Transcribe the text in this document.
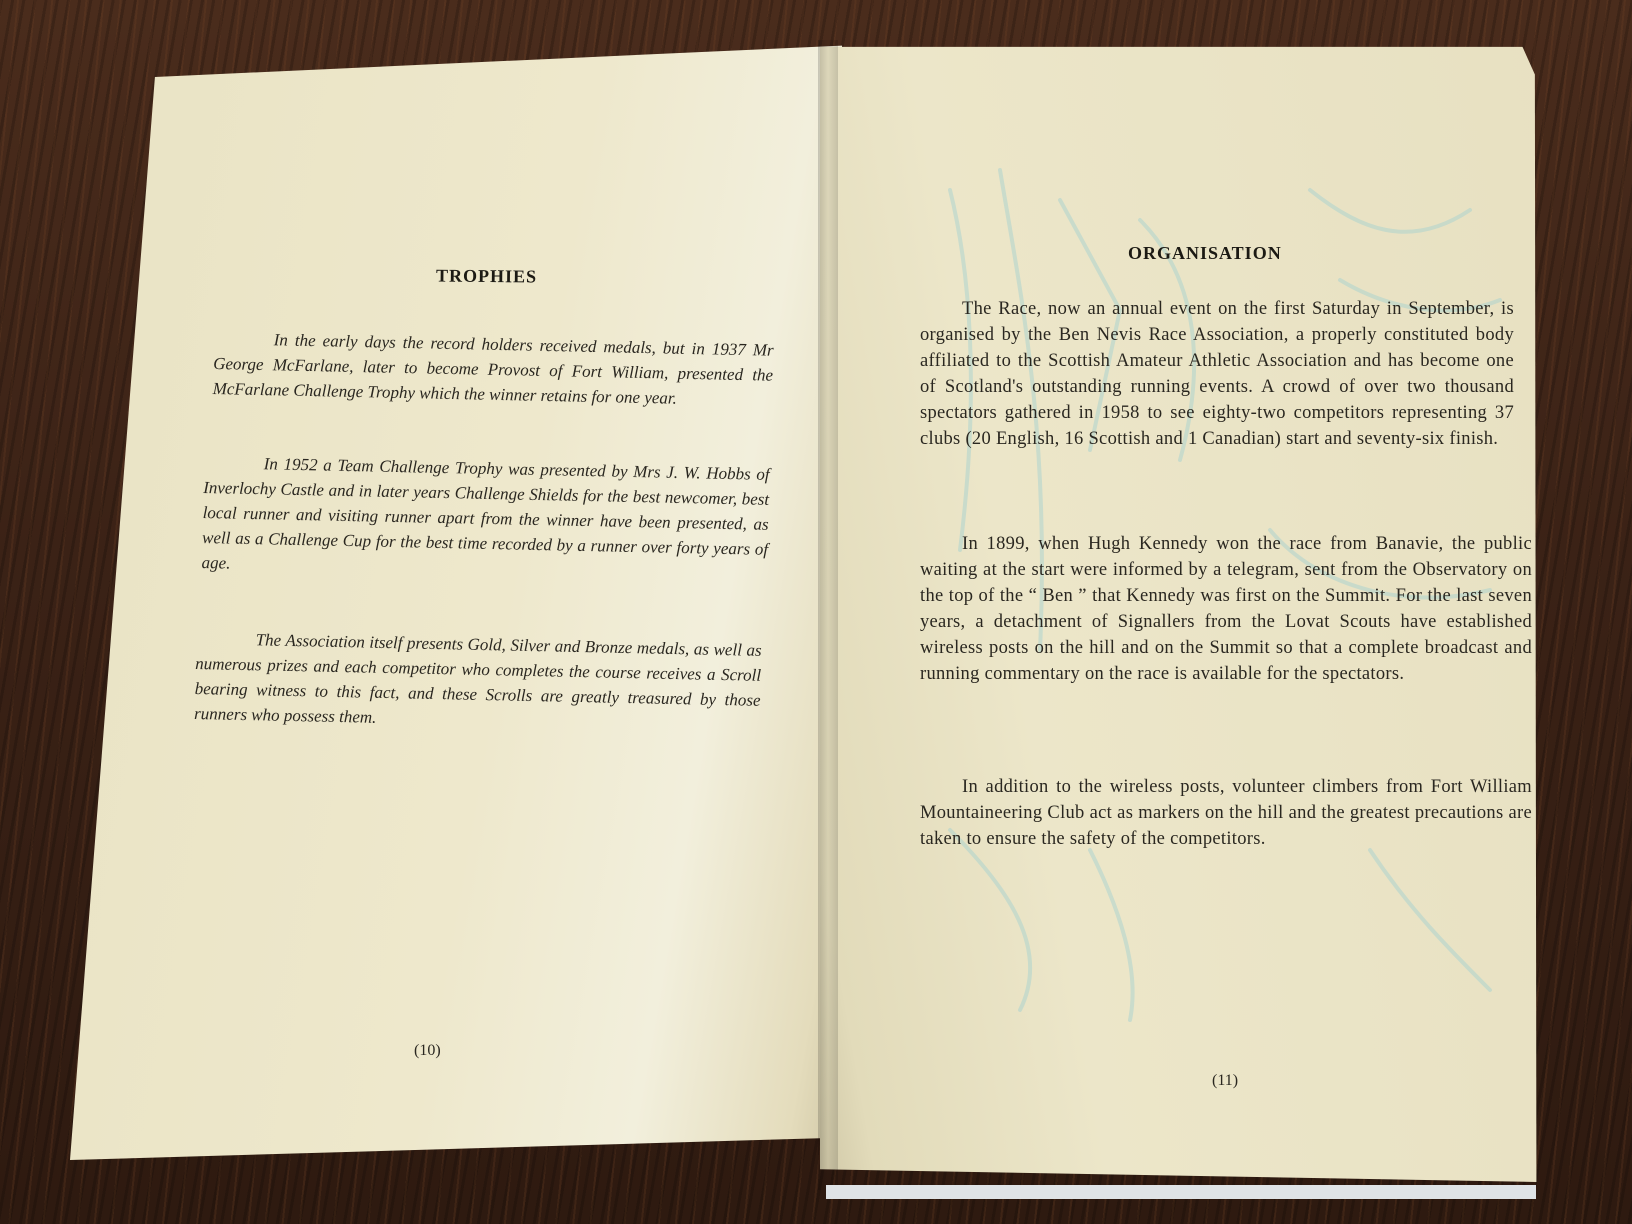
TROPHIES

In the early days the record holders received medals, but in 1937 Mr George McFarlane, later to become Provost of Fort William, presented the McFarlane Challenge Trophy which the winner retains for one year.

In 1952 a Team Challenge Trophy was presented by Mrs J. W. Hobbs of Inverlochy Castle and in later years Challenge Shields for the best newcomer, best local runner and visiting runner apart from the winner have been presented, as well as a Challenge Cup for the best time recorded by a runner over forty years of age.

The Association itself presents Gold, Silver and Bronze medals, as well as numerous prizes and each competitor who completes the course receives a Scroll bearing witness to this fact, and these Scrolls are greatly treasured by those runners who possess them.

(10)
ORGANISATION

The Race, now an annual event on the first Saturday in September, is organised by the Ben Nevis Race Association, a properly constituted body affiliated to the Scottish Amateur Athletic Association and has become one of Scotland's outstanding running events. A crowd of over two thousand spectators gathered in 1958 to see eighty-two competitors representing 37 clubs (20 English, 16 Scottish and 1 Canadian) start and seventy-six finish.

In 1899, when Hugh Kennedy won the race from Banavie, the public waiting at the start were informed by a telegram, sent from the Observatory on the top of the “ Ben ” that Kennedy was first on the Summit. For the last seven years, a detachment of Signallers from the Lovat Scouts have established wireless posts on the hill and on the Summit so that a complete broadcast and running commentary on the race is available for the spectators.

In addition to the wireless posts, volunteer climbers from Fort William Mountaineering Club act as markers on the hill and the greatest precautions are taken to ensure the safety of the competitors.

(11)
